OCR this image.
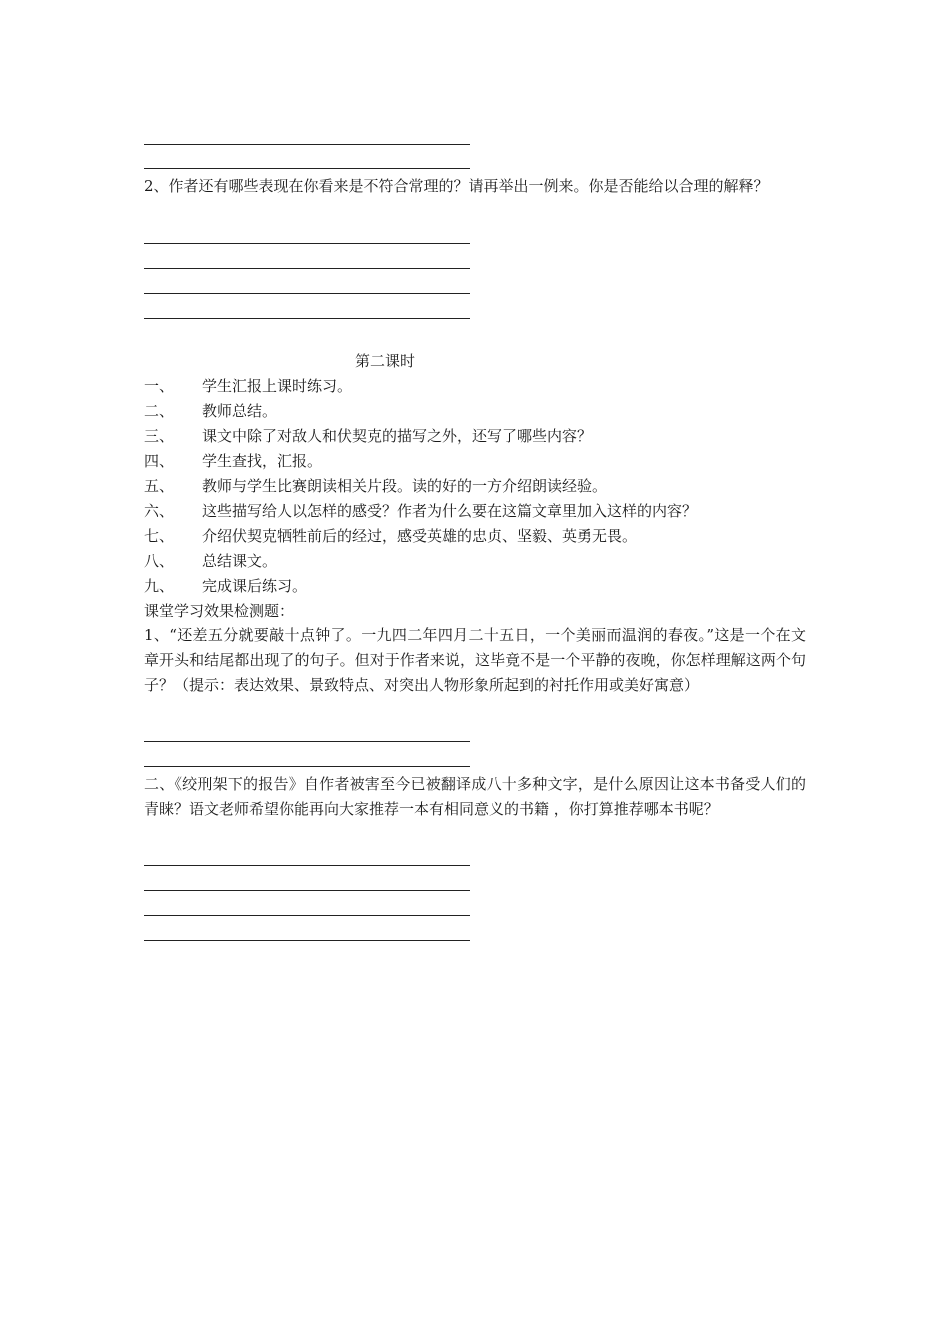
2、作者还有哪些表现在你看来是不符合常理的？请再举出一例来。你是否能给以合理的解释？

第二课时
一、 学生汇报上课时练习。
二、 教师总结。
三、 课文中除了对敌人和伏契克的描写之外，还写了哪些内容？
四、 学生查找，汇报。
五、 教师与学生比赛朗读相关片段。读的好的一方介绍朗读经验。
六、 这些描写给人以怎样的感受？作者为什么要在这篇文章里加入这样的内容？
七、 介绍伏契克牺牲前后的经过，感受英雄的忠贞、坚毅、英勇无畏。
八、 总结课文。
九、 完成课后练习。
课堂学习效果检测题：

1、“还差五分就要敲十点钟了。一九四二年四月二十五日，一个美丽而温润的春夜。”这是一个在文章开头和结尾都出现了的句子。但对于作者来说，这毕竟不是一个平静的夜晚，你怎样理解这两个句子？（提示：表达效果、景致特点、对突出人物形象所起到的衬托作用或美好寓意）

二、《绞刑架下的报告》自作者被害至今已被翻译成八十多种文字，是什么原因让这本书备受人们的青睐？语文老师希望你能再向大家推荐一本有相同意义的书籍 ，你打算推荐哪本书呢？
